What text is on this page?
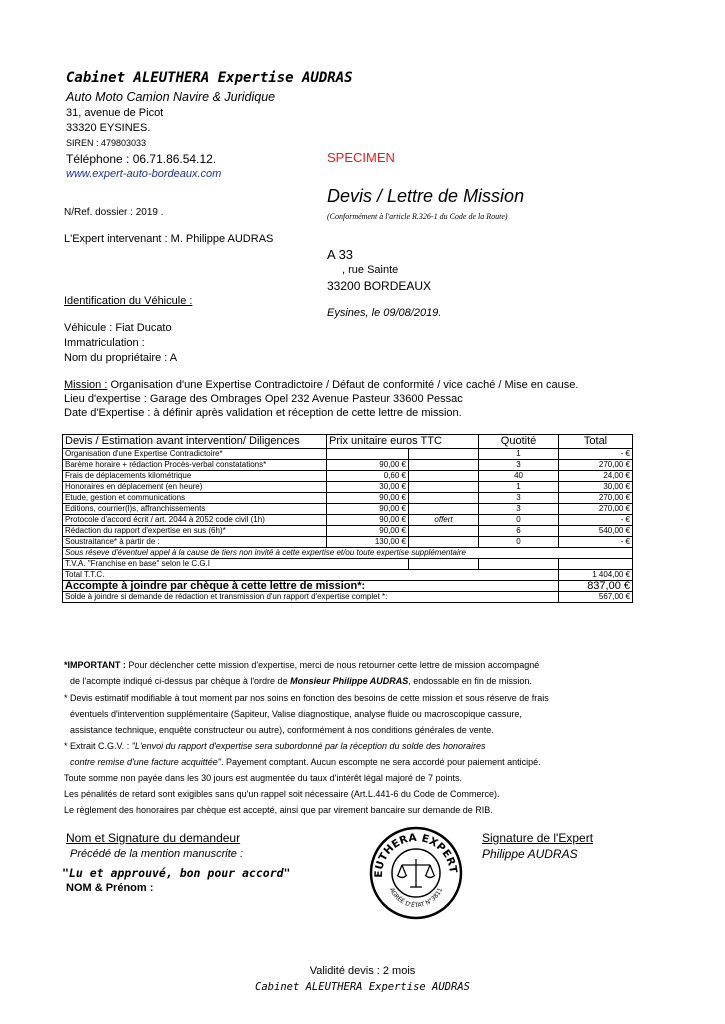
Cabinet ALEUTHERA Expertise AUDRAS
Auto Moto Camion Navire & Juridique
31, avenue de Picot
33320 EYSINES.
SIREN : 479803033
Téléphone : 06.71.86.54.12.
www.expert-auto-bordeaux.com
SPECIMEN
Devis / Lettre de Mission
(Conformément à l'article R.326-1 du Code de la Route)
N/Ref. dossier : 2019 .
L'Expert intervenant : M. Philippe AUDRAS
A 33
, rue Sainte
33200 BORDEAUX
Identification du Véhicule :
Eysines, le 09/08/2019.
Véhicule : Fiat Ducato
Immatriculation :
Nom du propriétaire : A
Mission : Organisation d'une Expertise Contradictoire / Défaut de conformité / vice caché / Mise en cause.
Lieu d'expertise : Garage des Ombrages Opel 232 Avenue Pasteur 33600 Pessac
Date d'Expertise : à définir après validation et réception de cette lettre de mission.
Devis / Estimation avant intervention/ Diligences	Prix unitaire euros TTC		Quotité	Total
Organisation d'une Expertise Contradictoire*			1	- €
Barème horaire + rédaction Procès-verbal constatations*	90,00 €		3	270,00 €
Frais de déplacements kilométrique	0,60 €		40	24,00 €
Honoraires en déplacement (en heure)	30,00 €		1	30,00 €
Etude, gestion et communications	90,00 €		3	270,00 €
Editions, courrier(l)s, affranchissements	90,00 €		3	270,00 €
Protocole d'accord écrit / art. 2044 à 2052 code civil (1h)	90,00 €	offert	0	- €
Rédaction du rapport d'expertise en sus (6h)*	90,00 €		6	540,00 €
Soustraitance* à partir de :	130,00 €		0	- €
Sous réseve d'éventuel appel à la cause de tiers non invité à cette expertise et/ou toute expertise supplémentaire				
T.V.A. "Franchise en base" selon le C.G.I				
Total T.T.C.				1 404,00 €
Accompte à joindre par chèque à cette lettre de mission*:				837,00 €
Solde à joindre si demande de rédaction et transmission d'un rapport d'expertise complet *:				567,00 €
*IMPORTANT : Pour déclencher cette mission d'expertise, merci de nous retourner cette lettre de mission accompagné
de l'acompte indiqué ci-dessus par chèque à l'ordre de Monsieur Philippe AUDRAS, endossable en fin de mission.
* Devis estimatif modifiable à tout moment par nos soins en fonction des besoins de cette mission et sous réserve de frais
éventuels d'intervention supplémentaire (Sapiteur, Valise diagnostique, analyse fluide ou macroscopique cassure,
assistance technique, enquête constructeur ou autre), conformément à nos conditions générales de vente.
* Extrait C.G.V. : "L'envoi du rapport d'expertise sera subordonné par la réception du solde des honoraires
contre remise d'une facture acquittée". Payement comptant. Aucun escompte ne sera accordé pour paiement anticipé.
Toute somme non payée dans les 30 jours est augmentée du taux d'intérêt légal majoré de 7 points.
Les pénalités de retard sont exigibles sans qu'un rappel soit nécessaire (Art.L.441-6 du Code de Commerce).
Le règlement des honoraires par chèque est accepté, ainsi que par virement bancaire sur demande de RIB.
Nom et Signature du demandeur
Précédé de la mention manuscrite :
"Lu et approuvé, bon pour accord"
NOM & Prénom :
Signature de l'Expert
Philippe AUDRAS
EUTHERA EXPERT
AGRÉÉ D'ÉTAT N°3811
Validité devis : 2 mois
Cabinet ALEUTHERA Expertise AUDRAS
